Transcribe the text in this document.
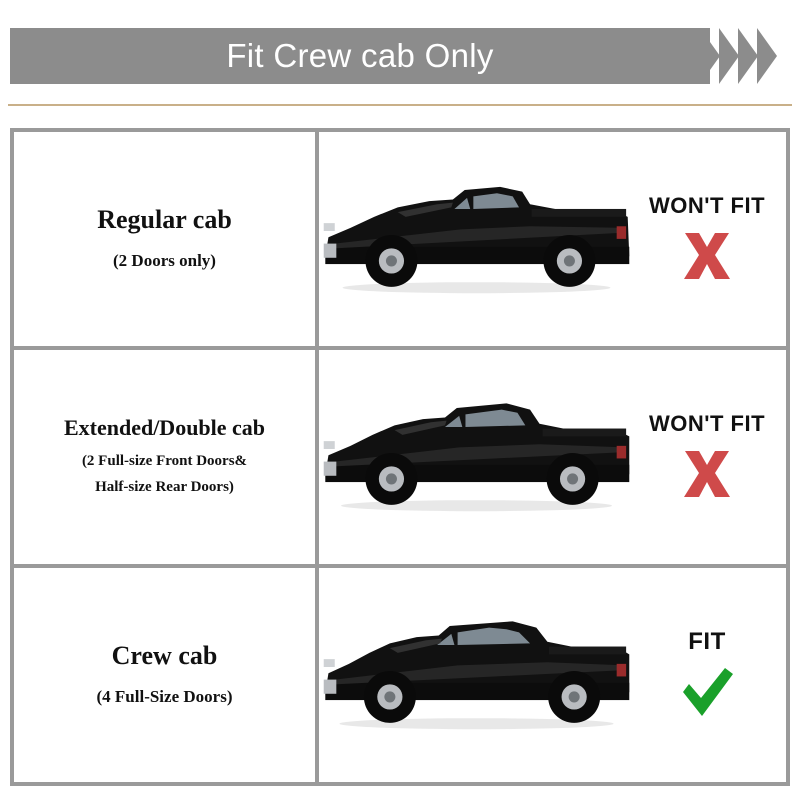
Fit Crew cab Only
Regular cab
(2 Doors only)
WON'T FIT
Extended/Double cab
(2 Full-size Front Doors&
Half-size Rear Doors)
WON'T FIT
Crew cab
(4 Full-Size Doors)
FIT
